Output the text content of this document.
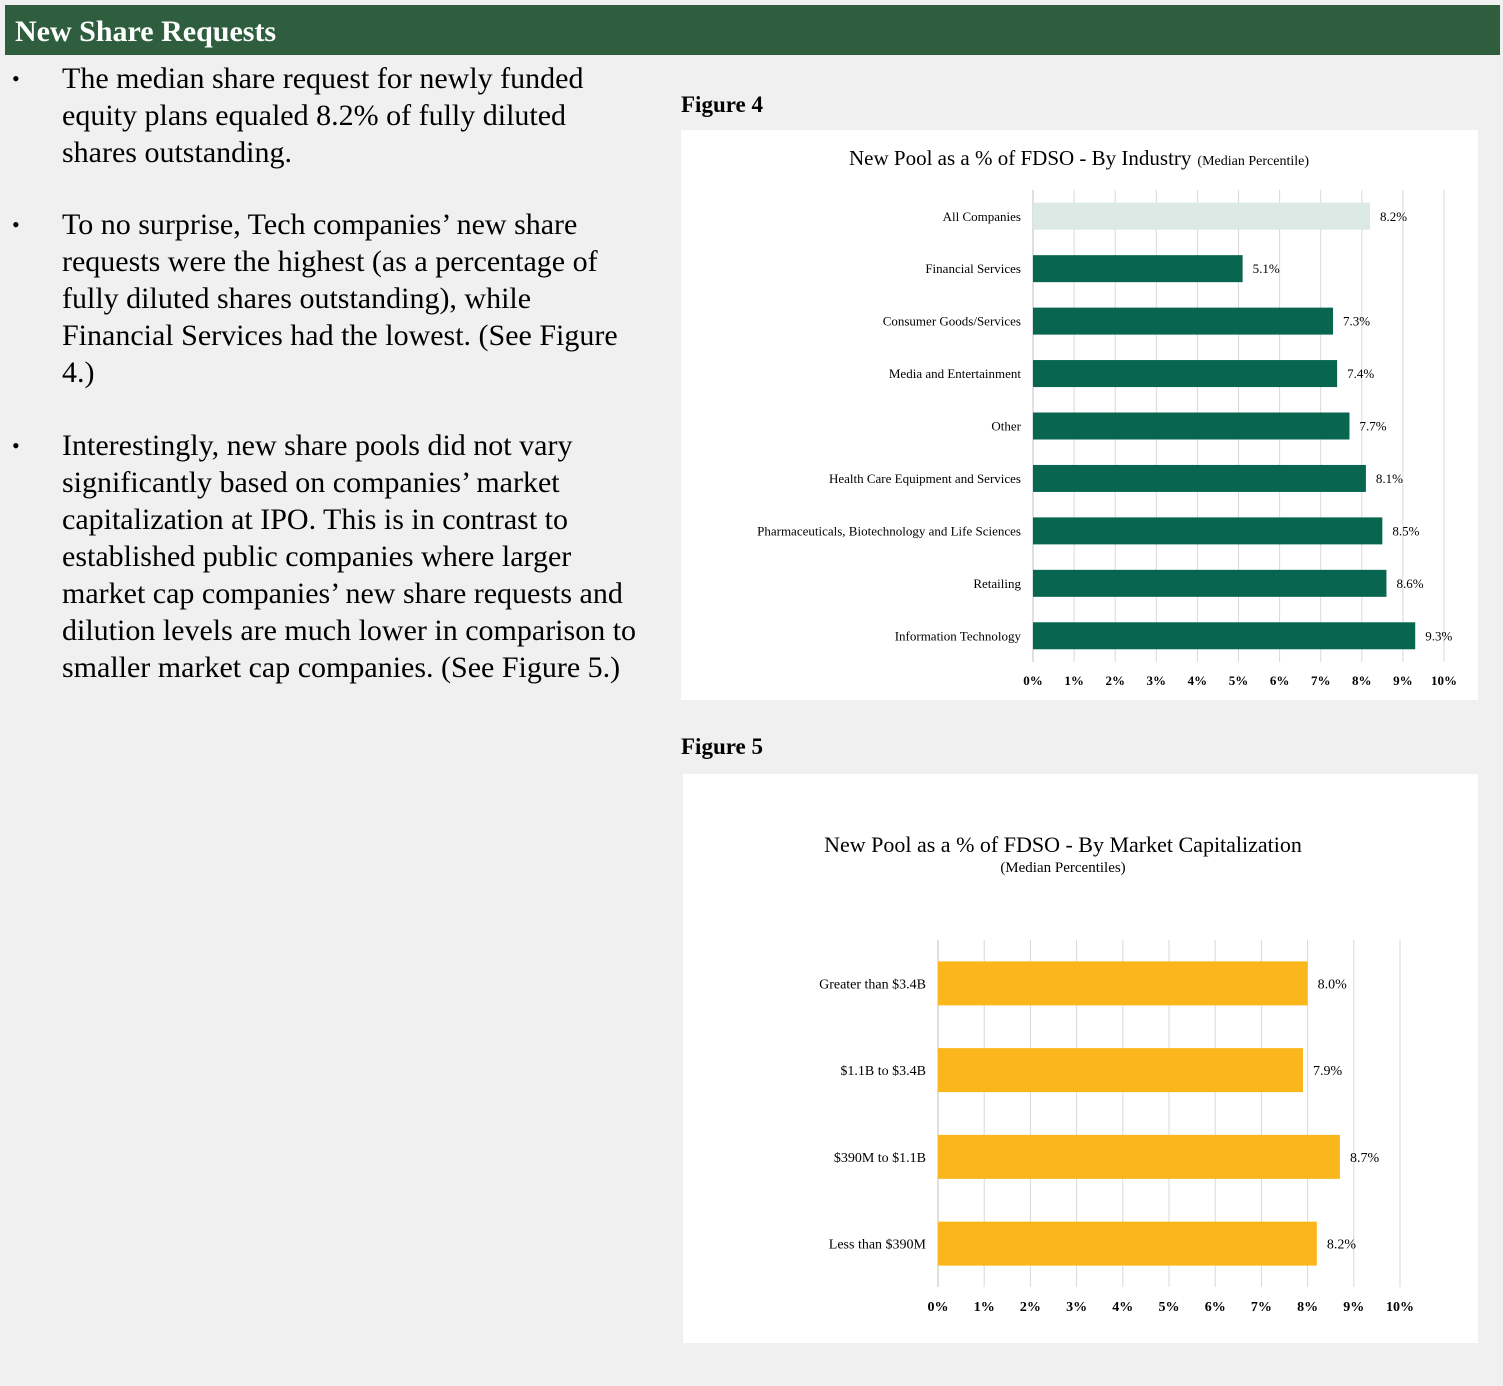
New Share Requests
• The median share request for newly funded equity plans equaled 8.2% of fully diluted shares outstanding.
• To no surprise, Tech companies’ new share requests were the highest (as a percentage of fully diluted shares outstanding), while Financial Services had the lowest. (See Figure 4.)
• Interestingly, new share pools did not vary significantly based on companies’ market capitalization at IPO. This is in contrast to established public companies where larger market cap companies’ new share requests and dilution levels are much lower in comparison to smaller market cap companies. (See Figure 5.)
Figure 4
New Pool as a % of FDSO - By Industry (Median Percentile)
0% 1% 2% 3% 4% 5% 6% 7% 8% 9% 10%
All Companies	8.2%
Financial Services	5.1%
Consumer Goods/Services	7.3%
Media and Entertainment	7.4%
Other	7.7%
Health Care Equipment and Services	8.1%
Pharmaceuticals, Biotechnology and Life Sciences	8.5%
Retailing	8.6%
Information Technology	9.3%
Figure 5
New Pool as a % of FDSO - By Market Capitalization
(Median Percentiles)
0% 1% 2% 3% 4% 5% 6% 7% 8% 9% 10%
Greater than $3.4B	8.0%
$1.1B to $3.4B	7.9%
$390M to $1.1B	8.7%
Less than $390M	8.2%
